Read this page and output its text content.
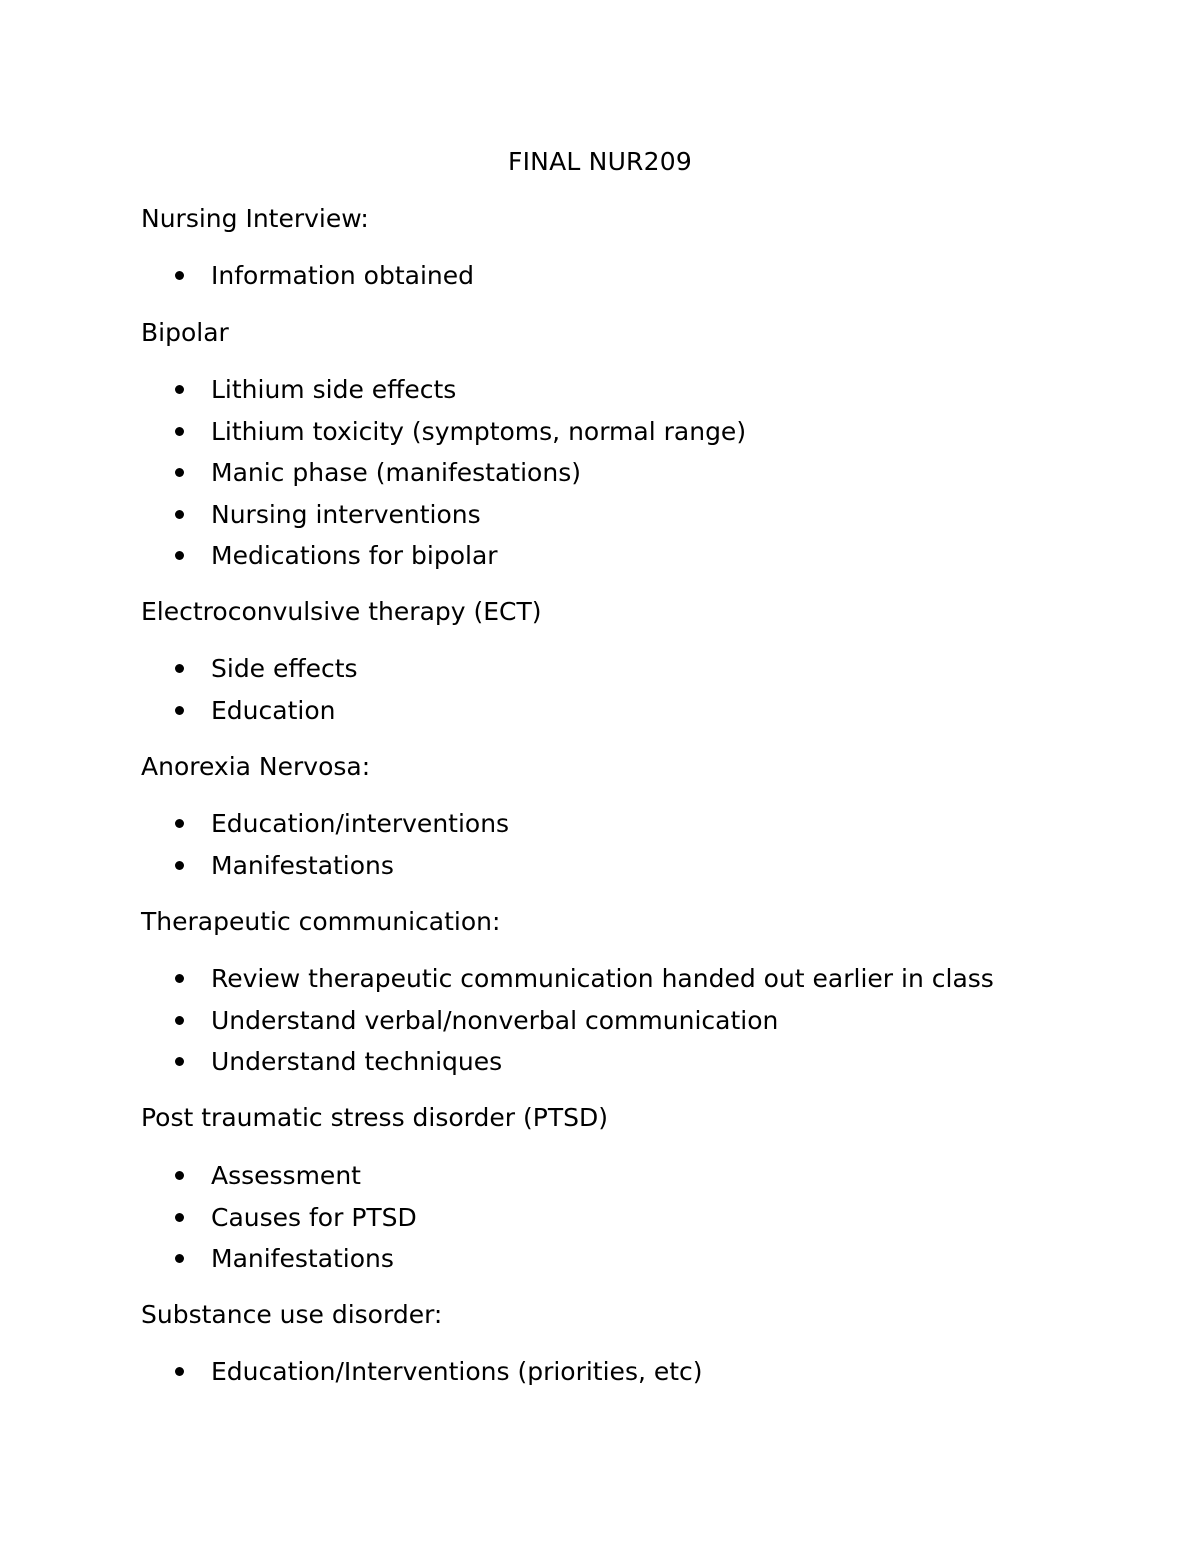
FINAL NUR209
Nursing Interview:
Information obtained
Bipolar
Lithium side effects
Lithium toxicity (symptoms, normal range)
Manic phase (manifestations)
Nursing interventions
Medications for bipolar
Electroconvulsive therapy (ECT)
Side effects
Education
Anorexia Nervosa:
Education/interventions
Manifestations
Therapeutic communication:
Review therapeutic communication handed out earlier in class
Understand verbal/nonverbal communication
Understand techniques
Post traumatic stress disorder (PTSD)
Assessment
Causes for PTSD
Manifestations
Substance use disorder:
Education/Interventions (priorities, etc)
